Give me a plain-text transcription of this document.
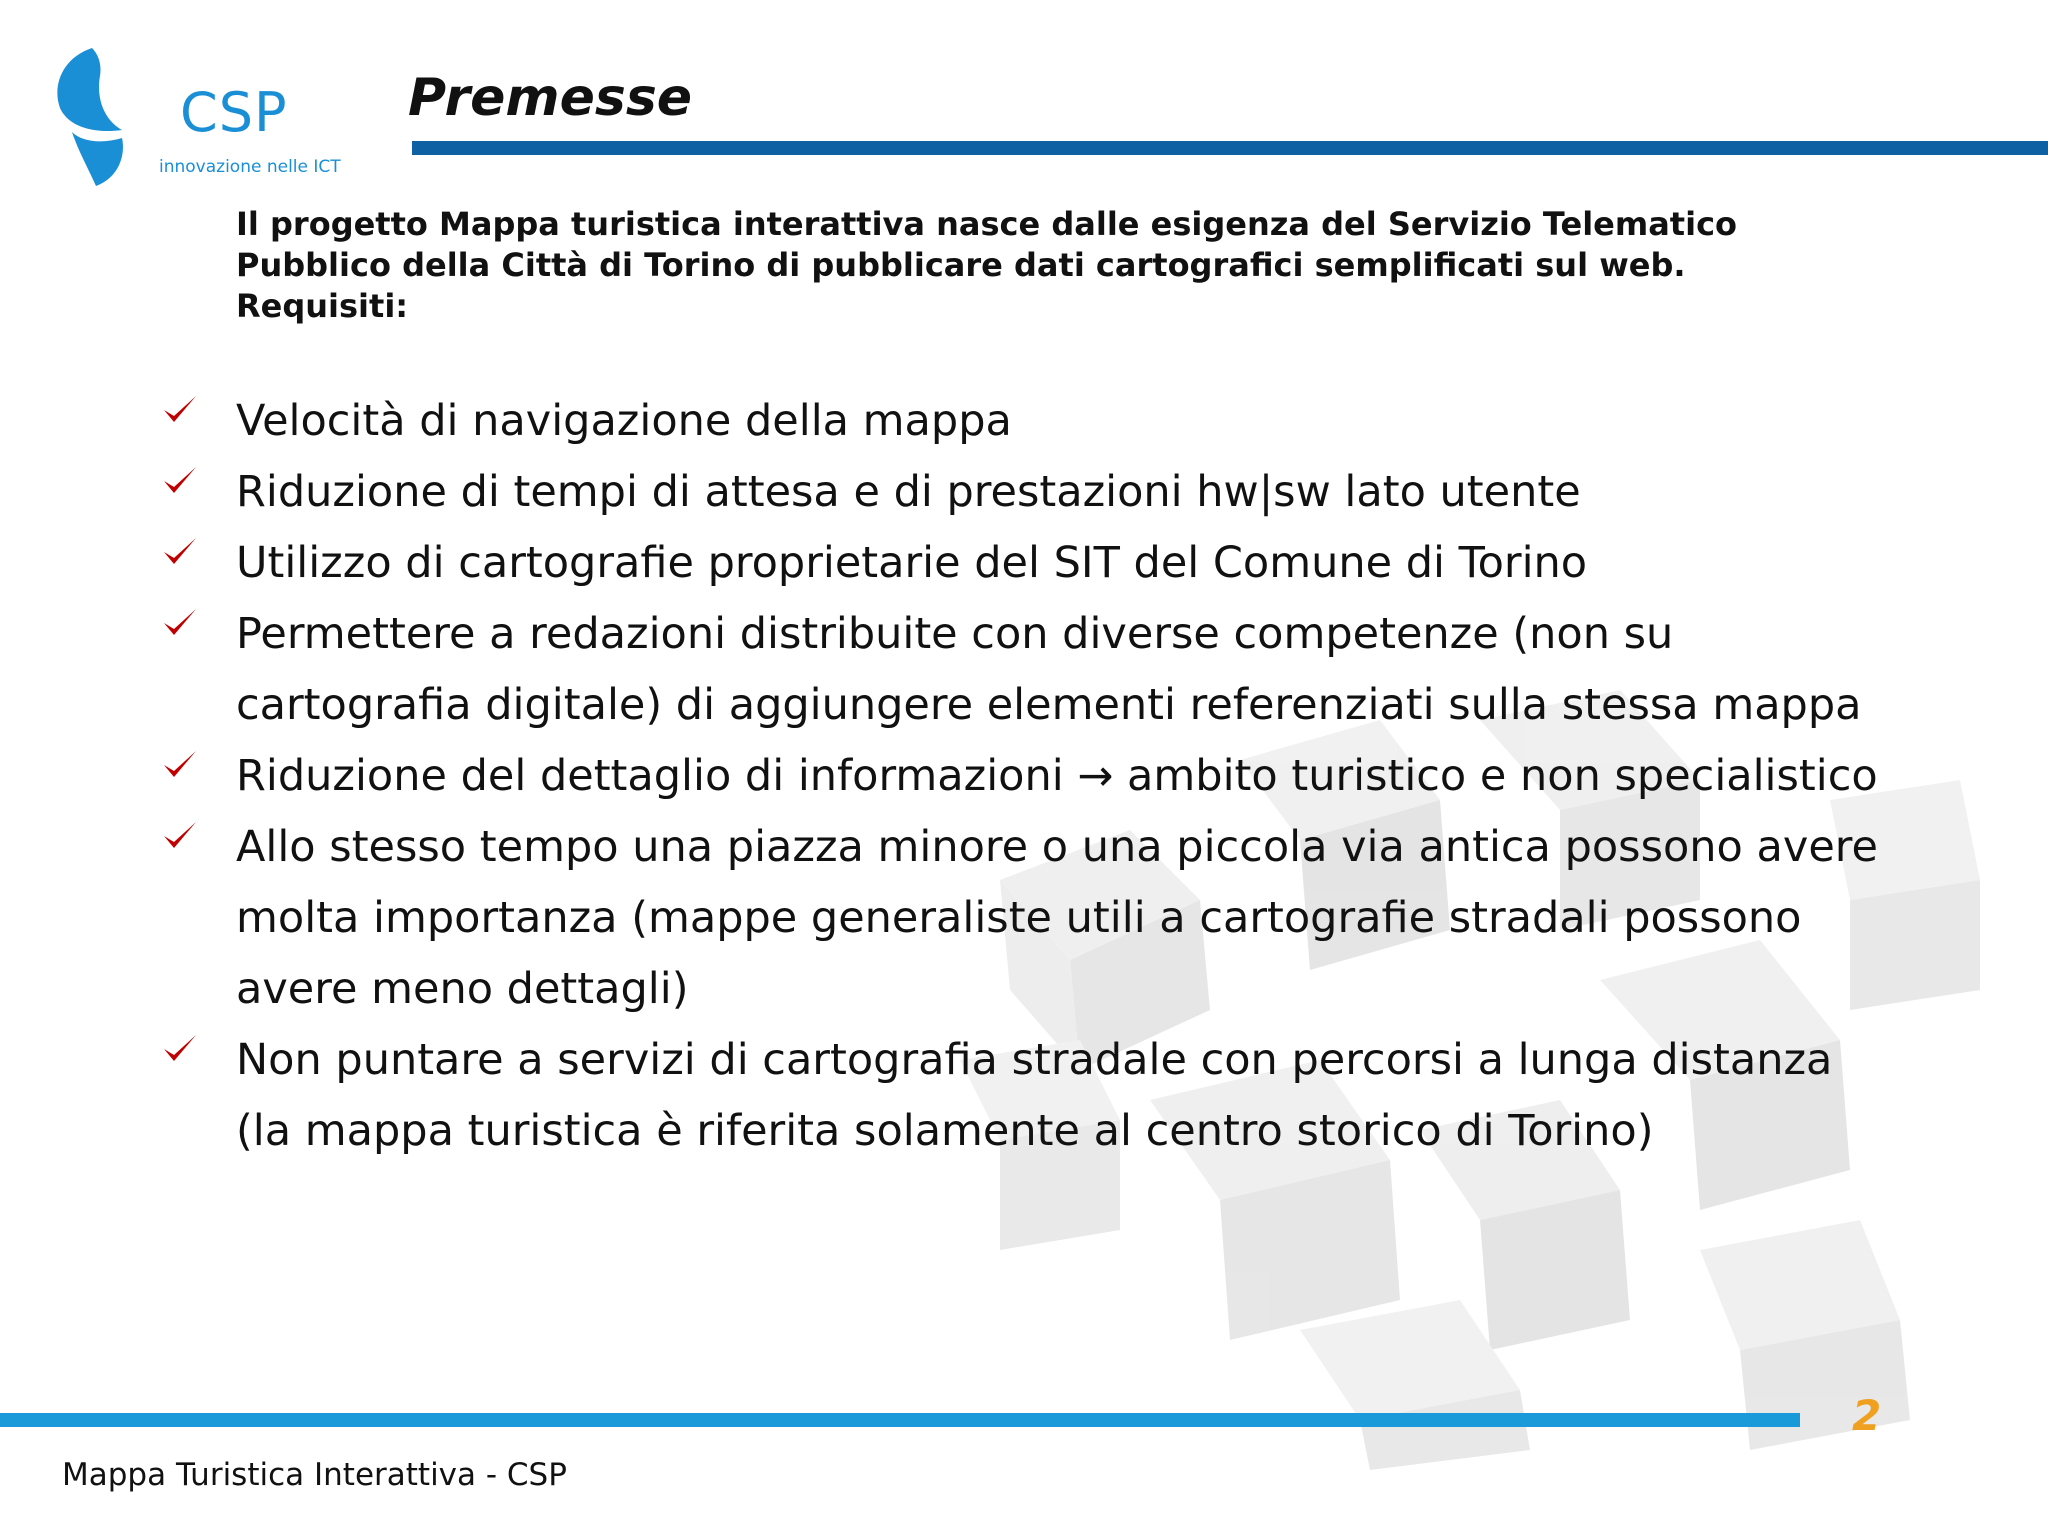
CSP
innovazione nelle ICT
Premesse
Il progetto Mappa turistica interattiva nasce dalle esigenza del Servizio Telematico
Pubblico della Città di Torino di pubblicare dati cartografici semplificati sul web.
Requisiti:
Velocità di navigazione della mappa
Riduzione di tempi di attesa e di prestazioni hw|sw lato utente
Utilizzo di cartografie proprietarie del SIT del Comune di Torino
Permettere a redazioni distribuite con diverse competenze (non su cartografia digitale) di aggiungere elementi referenziati sulla stessa mappa
Riduzione del dettaglio di informazioni → ambito turistico e non specialistico
Allo stesso tempo una piazza minore o una piccola via antica possono avere molta importanza (mappe generaliste utili a cartografie stradali possono avere meno dettagli)
Non puntare a servizi di cartografia stradale con percorsi a lunga distanza (la mappa turistica è riferita solamente al centro storico di Torino)
2
Mappa Turistica Interattiva - CSP
